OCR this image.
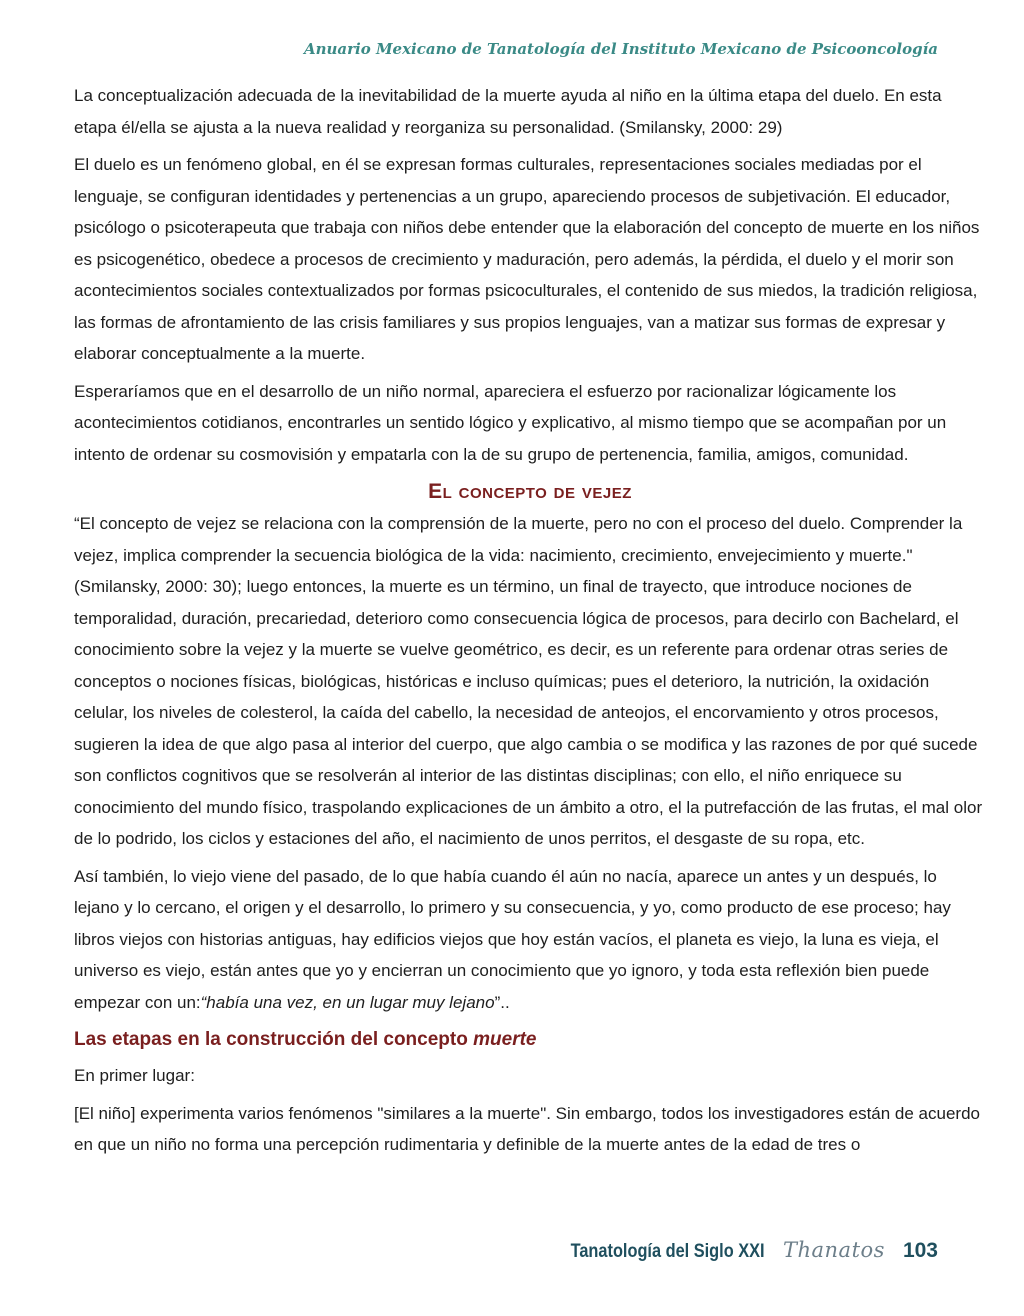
Anuario Mexicano de Tanatología del Instituto Mexicano de Psicooncología

La conceptualización adecuada de la inevitabilidad de la muerte ayuda al niño en la última etapa del duelo. En esta etapa él/ella se ajusta a la nueva realidad y reorganiza su personalidad. (Smilansky, 2000: 29)

El duelo es un fenómeno global, en él se expresan formas culturales, representaciones sociales mediadas por el lenguaje, se configuran identidades y pertenencias a un grupo, apareciendo procesos de subjetivación. El educador, psicólogo o psicoterapeuta que trabaja con niños debe entender que la elaboración del concepto de muerte en los niños es psicogenético, obedece a procesos de crecimiento y maduración, pero además, la pérdida, el duelo y el morir son acontecimientos sociales contextualizados por formas psicoculturales, el contenido de sus miedos, la tradición religiosa, las formas de afrontamiento de las crisis familiares y sus propios lenguajes, van a matizar sus formas de expresar y elaborar conceptualmente a la muerte.

Esperaríamos que en el desarrollo de un niño normal, apareciera el esfuerzo por racionalizar lógicamente los acontecimientos cotidianos, encontrarles un sentido lógico y explicativo, al mismo tiempo que se acompañan por un intento de ordenar su cosmovisión y empatarla con la de su grupo de pertenencia, familia, amigos, comunidad.

El concepto de vejez

“El concepto de vejez se relaciona con la comprensión de la muerte, pero no con el proceso del duelo. Comprender la vejez, implica comprender la secuencia biológica de la vida: nacimiento, crecimiento, envejecimiento y muerte." (Smilansky, 2000: 30); luego entonces, la muerte es un término, un final de trayecto, que introduce nociones de temporalidad, duración, precariedad, deterioro como consecuencia lógica de procesos, para decirlo con Bachelard, el conocimiento sobre la vejez y la muerte se vuelve geométrico, es decir, es un referente para ordenar otras series de conceptos o nociones físicas, biológicas, históricas e incluso químicas; pues el deterioro, la nutrición, la oxidación celular, los niveles de colesterol, la caída del cabello, la necesidad de anteojos, el encorvamiento y otros procesos, sugieren la idea de que algo pasa al interior del cuerpo, que algo cambia o se modifica y las razones de por qué sucede son conflictos cognitivos que se resolverán al interior de las distintas disciplinas; con ello, el niño enriquece su conocimiento del mundo físico, traspolando explicaciones de un ámbito a otro, el la putrefacción de las frutas, el mal olor de lo podrido, los ciclos y estaciones del año, el nacimiento de unos perritos, el desgaste de su ropa, etc.

Así también, lo viejo viene del pasado, de lo que había cuando él aún no nacía, aparece un antes y un después, lo lejano y lo cercano, el origen y el desarrollo, lo primero y su consecuencia, y yo, como producto de ese proceso; hay libros viejos con historias antiguas, hay edificios viejos que hoy están vacíos, el planeta es viejo, la luna es vieja, el universo es viejo, están antes que yo y encierran un conocimiento que yo ignoro, y toda esta reflexión bien puede empezar con un:“había una vez, en un lugar muy lejano”..

Las etapas en la construcción del concepto muerte

En primer lugar:

[El niño] experimenta varios fenómenos "similares a la muerte". Sin embargo, todos los investigadores están de acuerdo en que un niño no forma una percepción rudimentaria y definible de la muerte antes de la edad de tres o

Tanatología del Siglo XXI Thanatos 103
